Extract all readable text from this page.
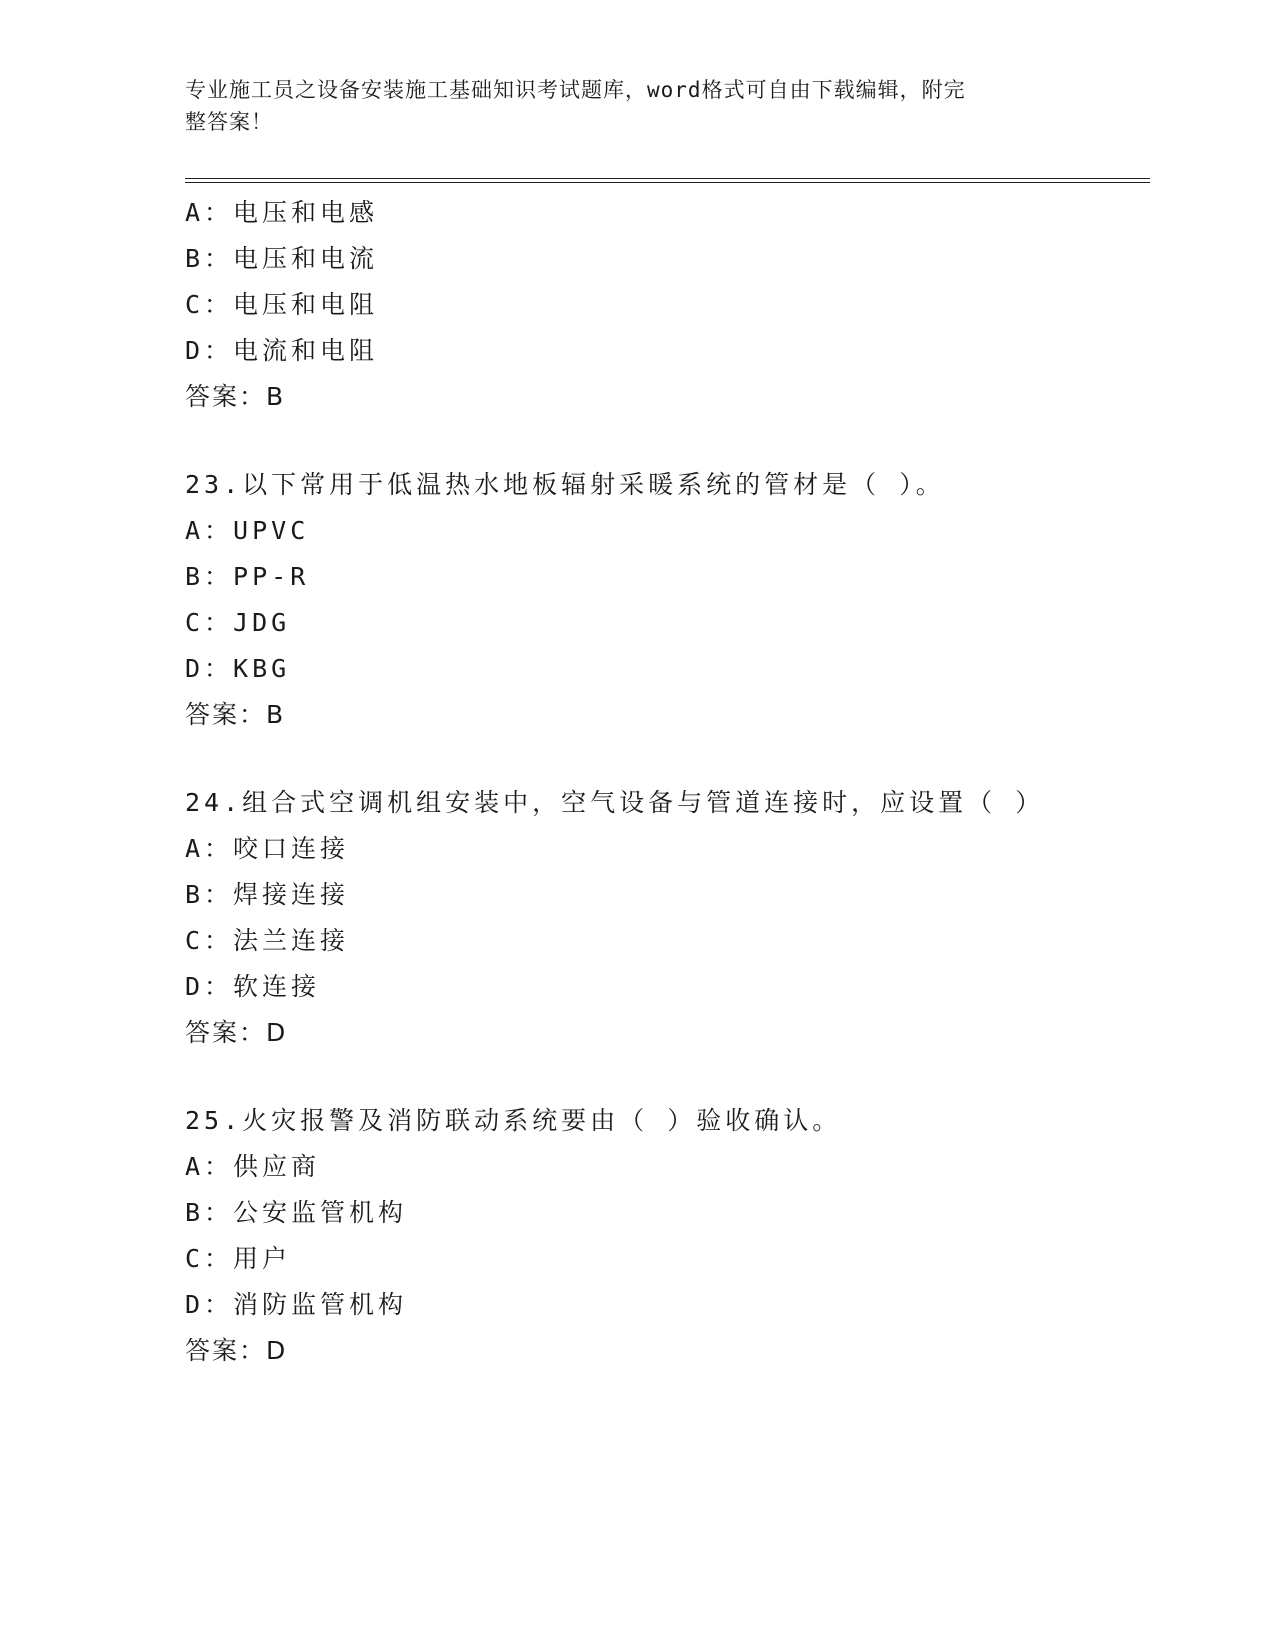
专业施工员之设备安装施工基础知识考试题库，word格式可自由下载编辑，附完
整答案！
A：电压和电感
B：电压和电流
C：电压和电阻
D：电流和电阻
答案：B
23.以下常用于低温热水地板辐射采暖系统的管材是（ ）。
A：UPVC
B：PP-R
C：JDG
D：KBG
答案：B
24.组合式空调机组安装中，空气设备与管道连接时，应设置（ ）
A：咬口连接
B：焊接连接
C：法兰连接
D：软连接
答案：D
25.火灾报警及消防联动系统要由（ ）验收确认。
A：供应商
B：公安监管机构
C：用户
D：消防监管机构
答案：D
